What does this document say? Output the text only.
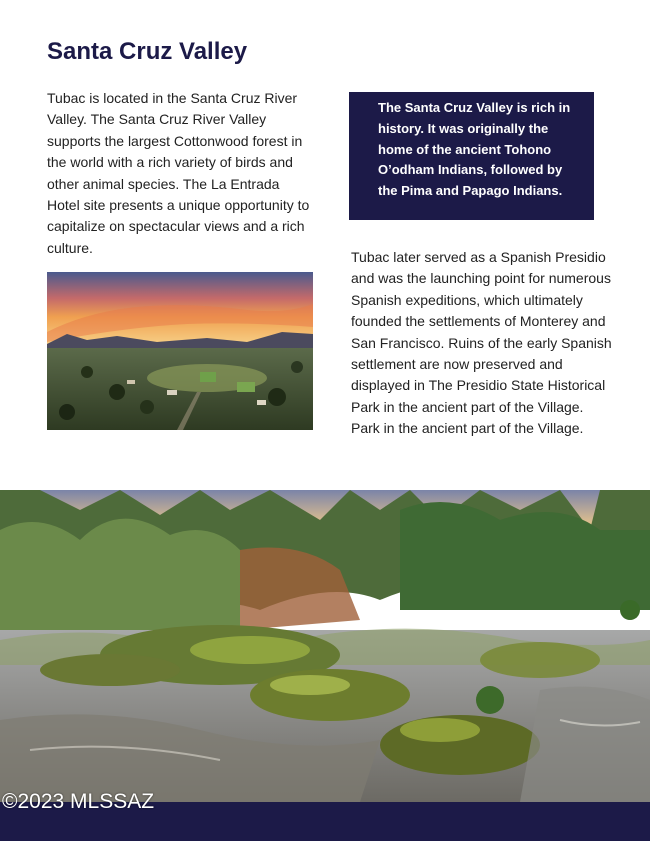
Santa Cruz Valley

Tubac is located in the Santa Cruz River Valley. The Santa Cruz River Valley supports the largest Cottonwood forest in the world with a rich variety of birds and other animal species. The La Entrada Hotel site presents a unique opportunity to capitalize on spectacular views and a rich culture.

The Santa Cruz Valley is rich in history. It was originally the home of the ancient Tohono O’odham Indians, followed by the Pima and Papago Indians.

Tubac later served as a Spanish Presidio and was the launching point for numerous Spanish expeditions, which ultimately founded the settlements of Monterey and San Francisco. Ruins of the early Spanish settlement are now preserved and displayed in The Presidio State Historical Park in the ancient part of the Village. Park in the ancient part of the Village.

©2023 MLSSAZ
